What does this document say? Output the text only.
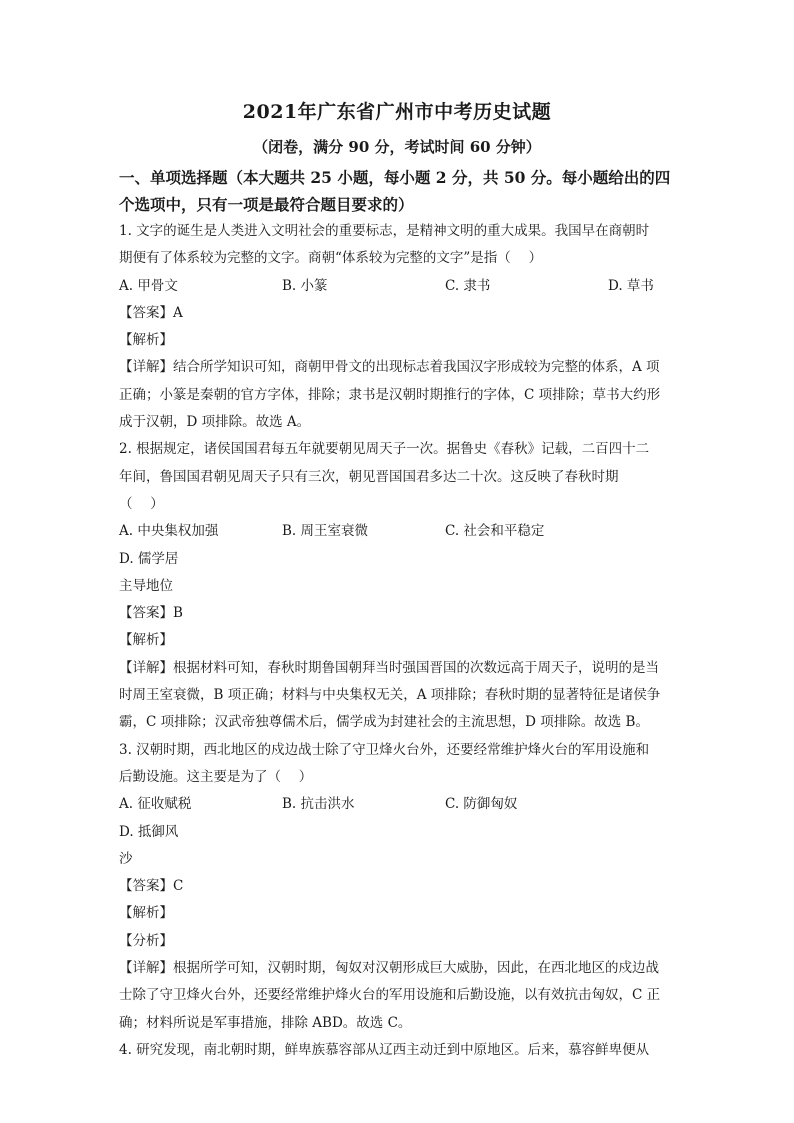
2021年广东省广州市中考历史试题

（闭卷，满分 90 分，考试时间 60 分钟）

一、单项选择题（本大题共 25 小题，每小题 2 分，共 50 分。每小题给出的四

个选项中，只有一项是最符合题目要求的）

1. 文字的诞生是人类进入文明社会的重要标志，是精神文明的重大成果。我国早在商朝时

期便有了体系较为完整的文字。商朝“体系较为完整的文字”是指（　 ）

A. 甲骨文	B. 小篆	C. 隶书	D. 草书

【答案】A

【解析】

【详解】结合所学知识可知，商朝甲骨文的出现标志着我国汉字形成较为完整的体系，A 项

正确；小篆是秦朝的官方字体，排除；隶书是汉朝时期推行的字体，C 项排除；草书大约形

成于汉朝，D 项排除。故选 A。

2. 根据规定，诸侯国国君每五年就要朝见周天子一次。据鲁史《春秋》记载，二百四十二

年间，鲁国国君朝见周天子只有三次，朝见晋国国君多达二十次。这反映了春秋时期

（　 ）

A. 中央集权加强	B. 周王室衰微	C. 社会和平稳定
D. 儒学居
主导地位

【答案】B

【解析】

【详解】根据材料可知，春秋时期鲁国朝拜当时强国晋国的次数远高于周天子，说明的是当

时周王室衰微，B 项正确；材料与中央集权无关，A 项排除；春秋时期的显著特征是诸侯争

霸，C 项排除；汉武帝独尊儒术后，儒学成为封建社会的主流思想，D 项排除。故选 B。

3. 汉朝时期，西北地区的戍边战士除了守卫烽火台外，还要经常维护烽火台的军用设施和

后勤设施。这主要是为了（　 ）

A. 征收赋税	B. 抗击洪水	C. 防御匈奴
D. 抵御风
沙

【答案】C

【解析】

【分析】

【详解】根据所学可知，汉朝时期，匈奴对汉朝形成巨大威胁，因此，在西北地区的戍边战

士除了守卫烽火台外，还要经常维护烽火台的军用设施和后勤设施，以有效抗击匈奴，C 正

确；材料所说是军事措施，排除 ABD。故选 C。

4. 研究发现，南北朝时期，鲜卑族慕容部从辽西主动迁到中原地区。后来，慕容鲜卑便从
